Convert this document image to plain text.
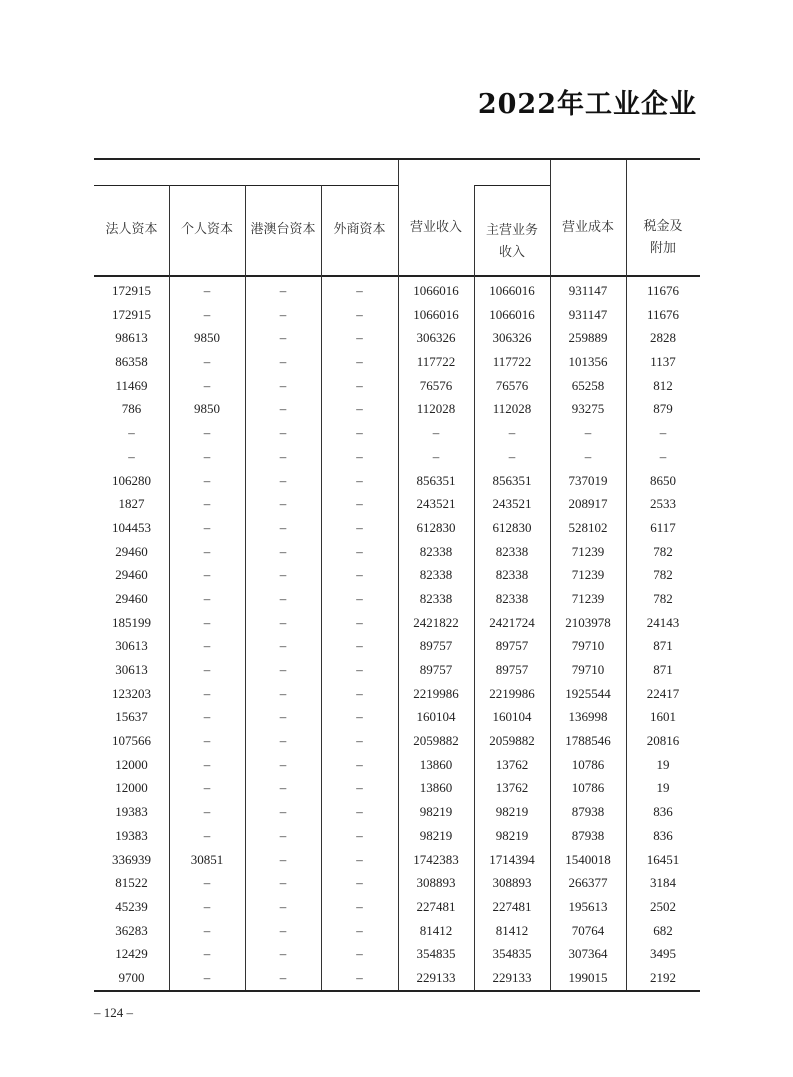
2022年工业企业
法人资本	个人资本	港澳台资本	外商资本	营业收入	主营业务
收入
营业成本	税金及
附加
172915	–	–	–	1066016	1066016	931147	11676
172915	–	–	–	1066016	1066016	931147	11676
98613	9850	–	–	306326	306326	259889	2828
86358	–	–	–	117722	117722	101356	1137
11469	–	–	–	76576	76576	65258	812
786	9850	–	–	112028	112028	93275	879
–	–	–	–	–	–	–	–
–	–	–	–	–	–	–	–
106280	–	–	–	856351	856351	737019	8650
1827	–	–	–	243521	243521	208917	2533
104453	–	–	–	612830	612830	528102	6117
29460	–	–	–	82338	82338	71239	782
29460	–	–	–	82338	82338	71239	782
29460	–	–	–	82338	82338	71239	782
185199	–	–	–	2421822	2421724	2103978	24143
30613	–	–	–	89757	89757	79710	871
30613	–	–	–	89757	89757	79710	871
123203	–	–	–	2219986	2219986	1925544	22417
15637	–	–	–	160104	160104	136998	1601
107566	–	–	–	2059882	2059882	1788546	20816
12000	–	–	–	13860	13762	10786	19
12000	–	–	–	13860	13762	10786	19
19383	–	–	–	98219	98219	87938	836
19383	–	–	–	98219	98219	87938	836
336939	30851	–	–	1742383	1714394	1540018	16451
81522	–	–	–	308893	308893	266377	3184
45239	–	–	–	227481	227481	195613	2502
36283	–	–	–	81412	81412	70764	682
12429	–	–	–	354835	354835	307364	3495
9700	–	–	–	229133	229133	199015	2192
– 124 –
